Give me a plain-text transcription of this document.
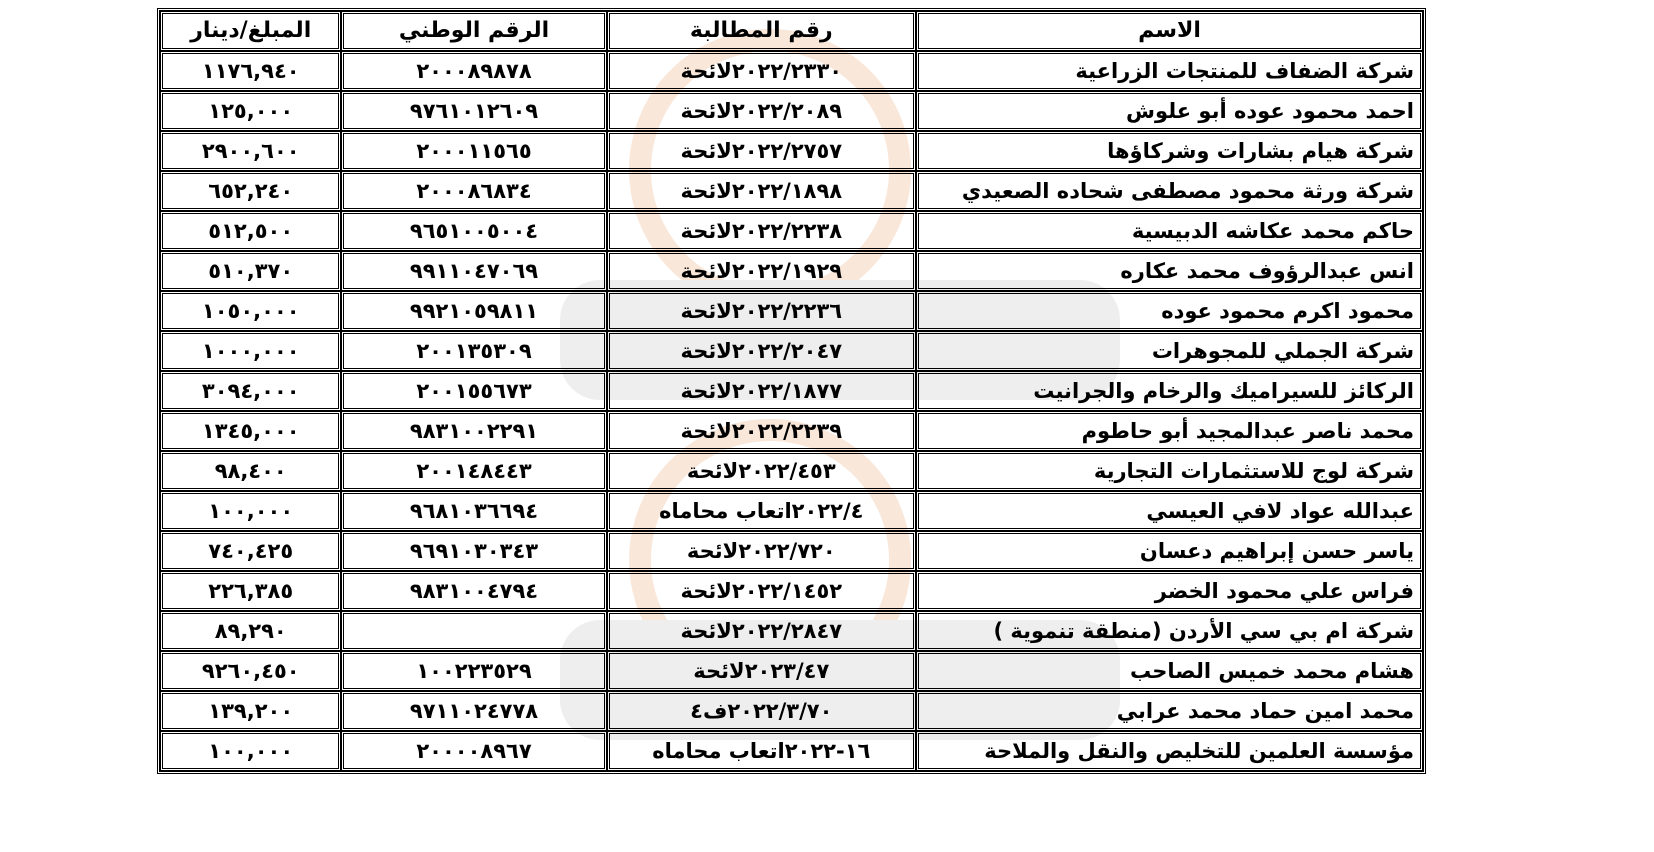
الاسم	رقم المطالبة	الرقم الوطني	المبلغ/دينار
شركة الضفاف للمنتجات الزراعية	٢٠٢٢/٢٣٣٠لائحة	٢٠٠٠٨٩٨٧٨	١١٧٦,٩٤٠
احمد محمود عوده أبو علوش	٢٠٢٢/٢٠٨٩لائحة	٩٧٦١٠١٢٦٠٩	١٢٥,٠٠٠
شركة هيام بشارات وشركاؤها	٢٠٢٢/٢٧٥٧لائحة	٢٠٠٠١١٥٦٥	٢٩٠٠,٦٠٠
شركة ورثة محمود مصطفى شحاده الصعيدي	٢٠٢٢/١٨٩٨لائحة	٢٠٠٠٨٦٨٣٤	٦٥٢,٢٤٠
حاكم محمد عكاشه الدبيسية	٢٠٢٢/٢٢٣٨لائحة	٩٦٥١٠٠٥٠٠٤	٥١٢,٥٠٠
انس عبدالرؤوف محمد عكاره	٢٠٢٢/١٩٢٩لائحة	٩٩١١٠٤٧٠٦٩	٥١٠,٣٧٠
محمود اكرم محمود عوده	٢٠٢٢/٢٢٣٦لائحة	٩٩٢١٠٥٩٨١١	١٠٥٠,٠٠٠
شركة الجملي للمجوهرات	٢٠٢٢/٢٠٤٧لائحة	٢٠٠١٣٥٣٠٩	١٠٠٠,٠٠٠
الركائز للسيراميك والرخام والجرانيت	٢٠٢٢/١٨٧٧لائحة	٢٠٠١٥٥٦٧٣	٣٠٩٤,٠٠٠
محمد ناصر عبدالمجيد أبو حاطوم	٢٠٢٢/٢٢٣٩لائحة	٩٨٣١٠٠٢٢٩١	١٣٤٥,٠٠٠
شركة لوج للاستثمارات التجارية	٢٠٢٢/٤٥٣لائحة	٢٠٠١٤٨٤٤٣	٩٨,٤٠٠
عبدالله عواد لافي العيسي	٢٠٢٢/٤اتعاب محاماه	٩٦٨١٠٣٦٦٩٤	١٠٠,٠٠٠
ياسر حسن إبراهيم دعسان	٢٠٢٢/٧٢٠لائحة	٩٦٩١٠٣٠٣٤٣	٧٤٠,٤٢٥
فراس علي محمود الخضر	٢٠٢٢/١٤٥٢لائحة	٩٨٣١٠٠٤٧٩٤	٢٢٦,٣٨٥
شركة ام بي سي الأردن (منطقة تنموية )	٢٠٢٢/٢٨٤٧لائحة		٨٩,٢٩٠
هشام محمد خميس الصاحب	٢٠٢٣/٤٧لائحة	١٠٠٢٢٣٥٢٩	٩٢٦٠,٤٥٠
محمد امين حماد محمد عرابي	٢٠٢٢/٣/٧٠ف٤	٩٧١١٠٢٤٧٧٨	١٣٩,٢٠٠
مؤسسة العلمين للتخليص والنقل والملاحة	١٦-٢٠٢٢اتعاب محاماه	٢٠٠٠٠٨٩٦٧	١٠٠,٠٠٠
